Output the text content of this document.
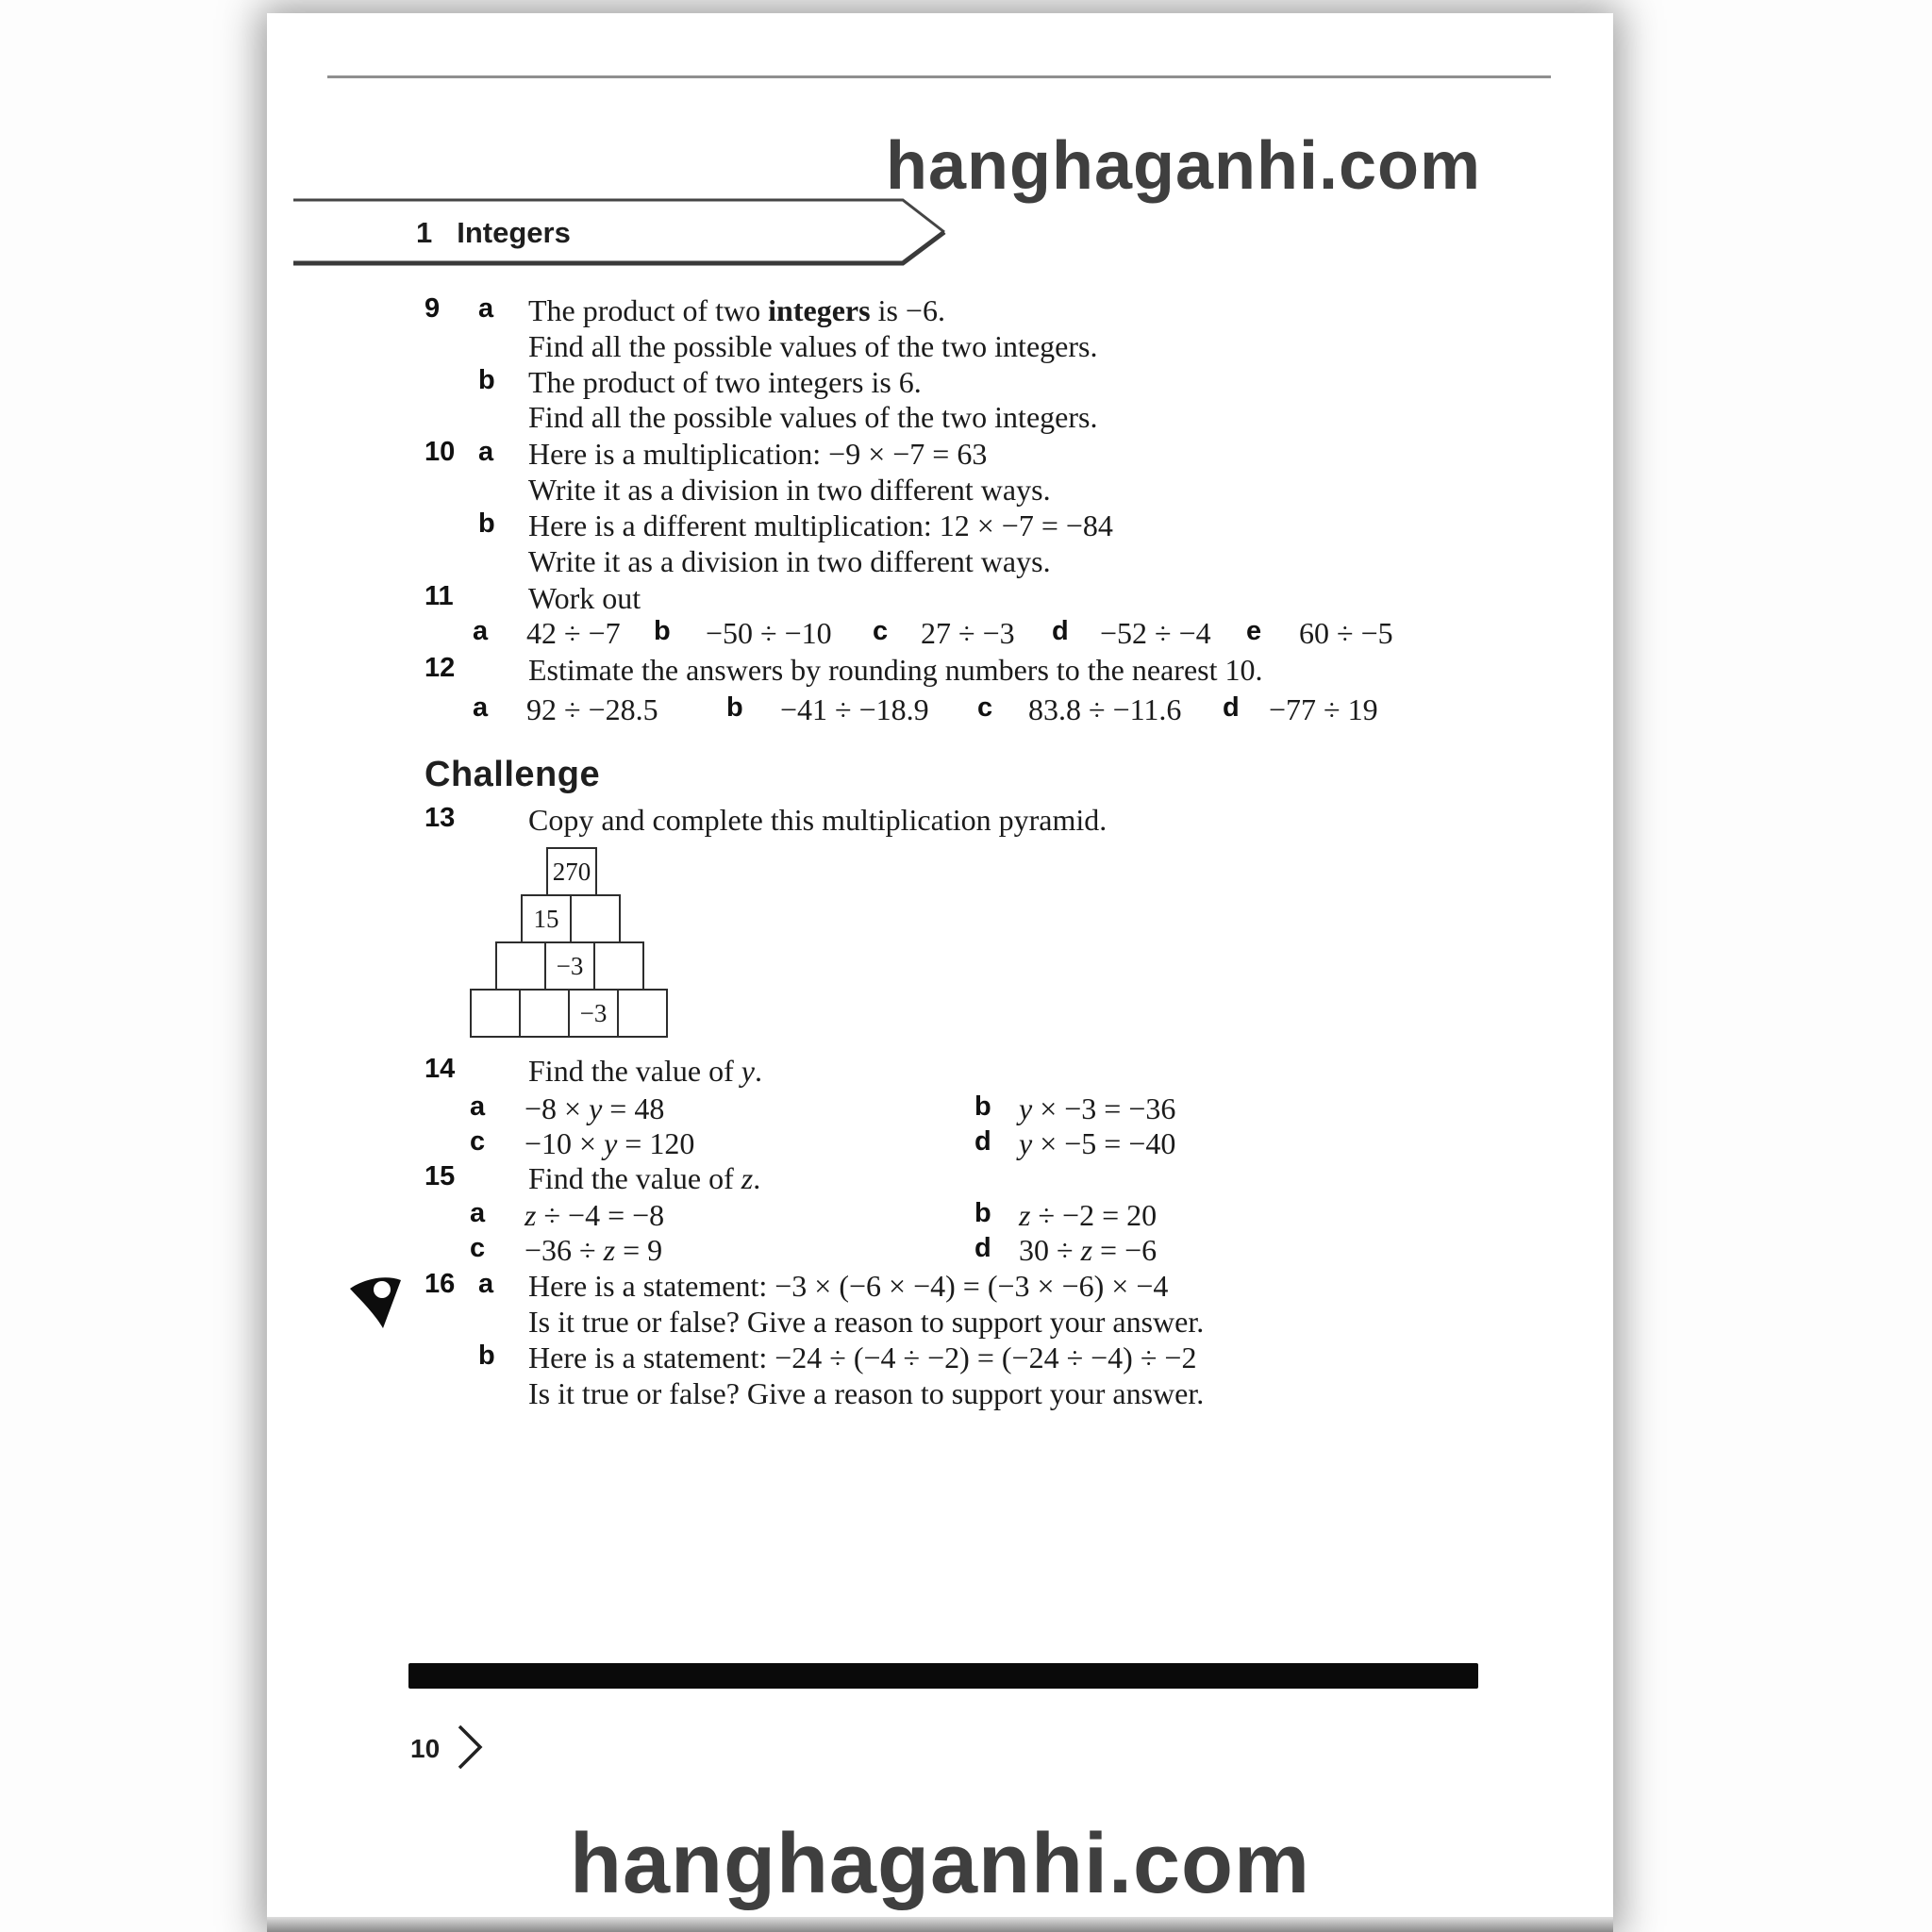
hanghaganhi.com
1 Integers
9 a The product of two integers is −6.
Find all the possible values of the two integers.
b The product of two integers is 6.
Find all the possible values of the two integers.
10 a Here is a multiplication: −9 × −7 = 63
Write it as a division in two different ways.
b Here is a different multiplication: 12 × −7 = −84
Write it as a division in two different ways.
11 Work out
a 42 ÷ −7 b −50 ÷ −10 c 27 ÷ −3 d −52 ÷ −4 e 60 ÷ −5
12 Estimate the answers by rounding numbers to the nearest 10.
a 92 ÷ −28.5 b −41 ÷ −18.9 c 83.8 ÷ −11.6 d −77 ÷ 19
Challenge
13 Copy and complete this multiplication pyramid.
270
15
−3
−3
14 Find the value of y.
a −8 × y = 48	b y × −3 = −36
c −10 × y = 120	d y × −5 = −40
15 Find the value of z.
a z ÷ −4 = −8	b z ÷ −2 = 20
c −36 ÷ z = 9	d 30 ÷ z = −6
16 a Here is a statement: −3 × (−6 × −4) = (−3 × −6) × −4
Is it true or false? Give a reason to support your answer.
b Here is a statement: −24 ÷ (−4 ÷ −2) = (−24 ÷ −4) ÷ −2
Is it true or false? Give a reason to support your answer.
10
hanghaganhi.com
